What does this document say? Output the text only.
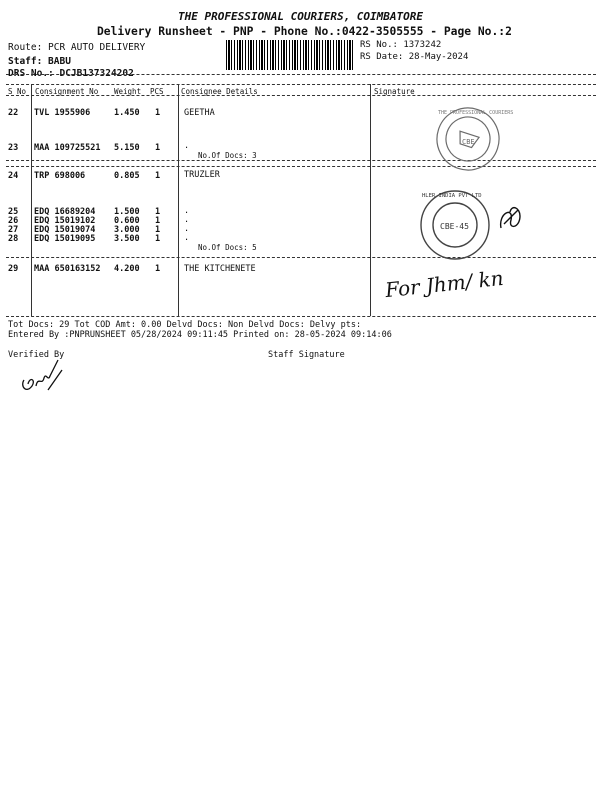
THE PROFESSIONAL COURIERS, COIMBATORE
Delivery Runsheet - PNP - Phone No.:0422-3505555 - Page No.:2
Route: PCR AUTO DELIVERY
Staff: BABU
DRS No.: DCJB137324202
RS No.: 1373242
RS Date: 28-May-2024
S No Consignment No Weight PCS Consignee Details	Signature
22 TVL 1955906	1.450 1	GEETHA
23 MAA 109725521 5.150 1	.
No.Of Docs: 3
24 TRP 698006	0.805 1	TRUZLER
25 EDQ 16689204 1.500 1	.
26 EDQ 15019102 0.600 1	.
27 EDQ 15019074 3.000 1	.
28 EDQ 15019095 3.500 1	.
No.Of Docs: 5
29 MAA 650163152 4.200 1	THE KITCHENETE
CBE
THE PROFESSIONAL COURIERS
CBE-45
HLER INDIA PVT LTD
For Jhm/ kn
Tot Docs: 29 Tot COD Amt: 0.00 Delvd Docs: Non Delvd Docs: Delvy pts:
Entered By :PNPRUNSHEET 05/28/2024 09:11:45 Printed on: 28-05-2024 09:14:06
Verified By	Staff Signature
